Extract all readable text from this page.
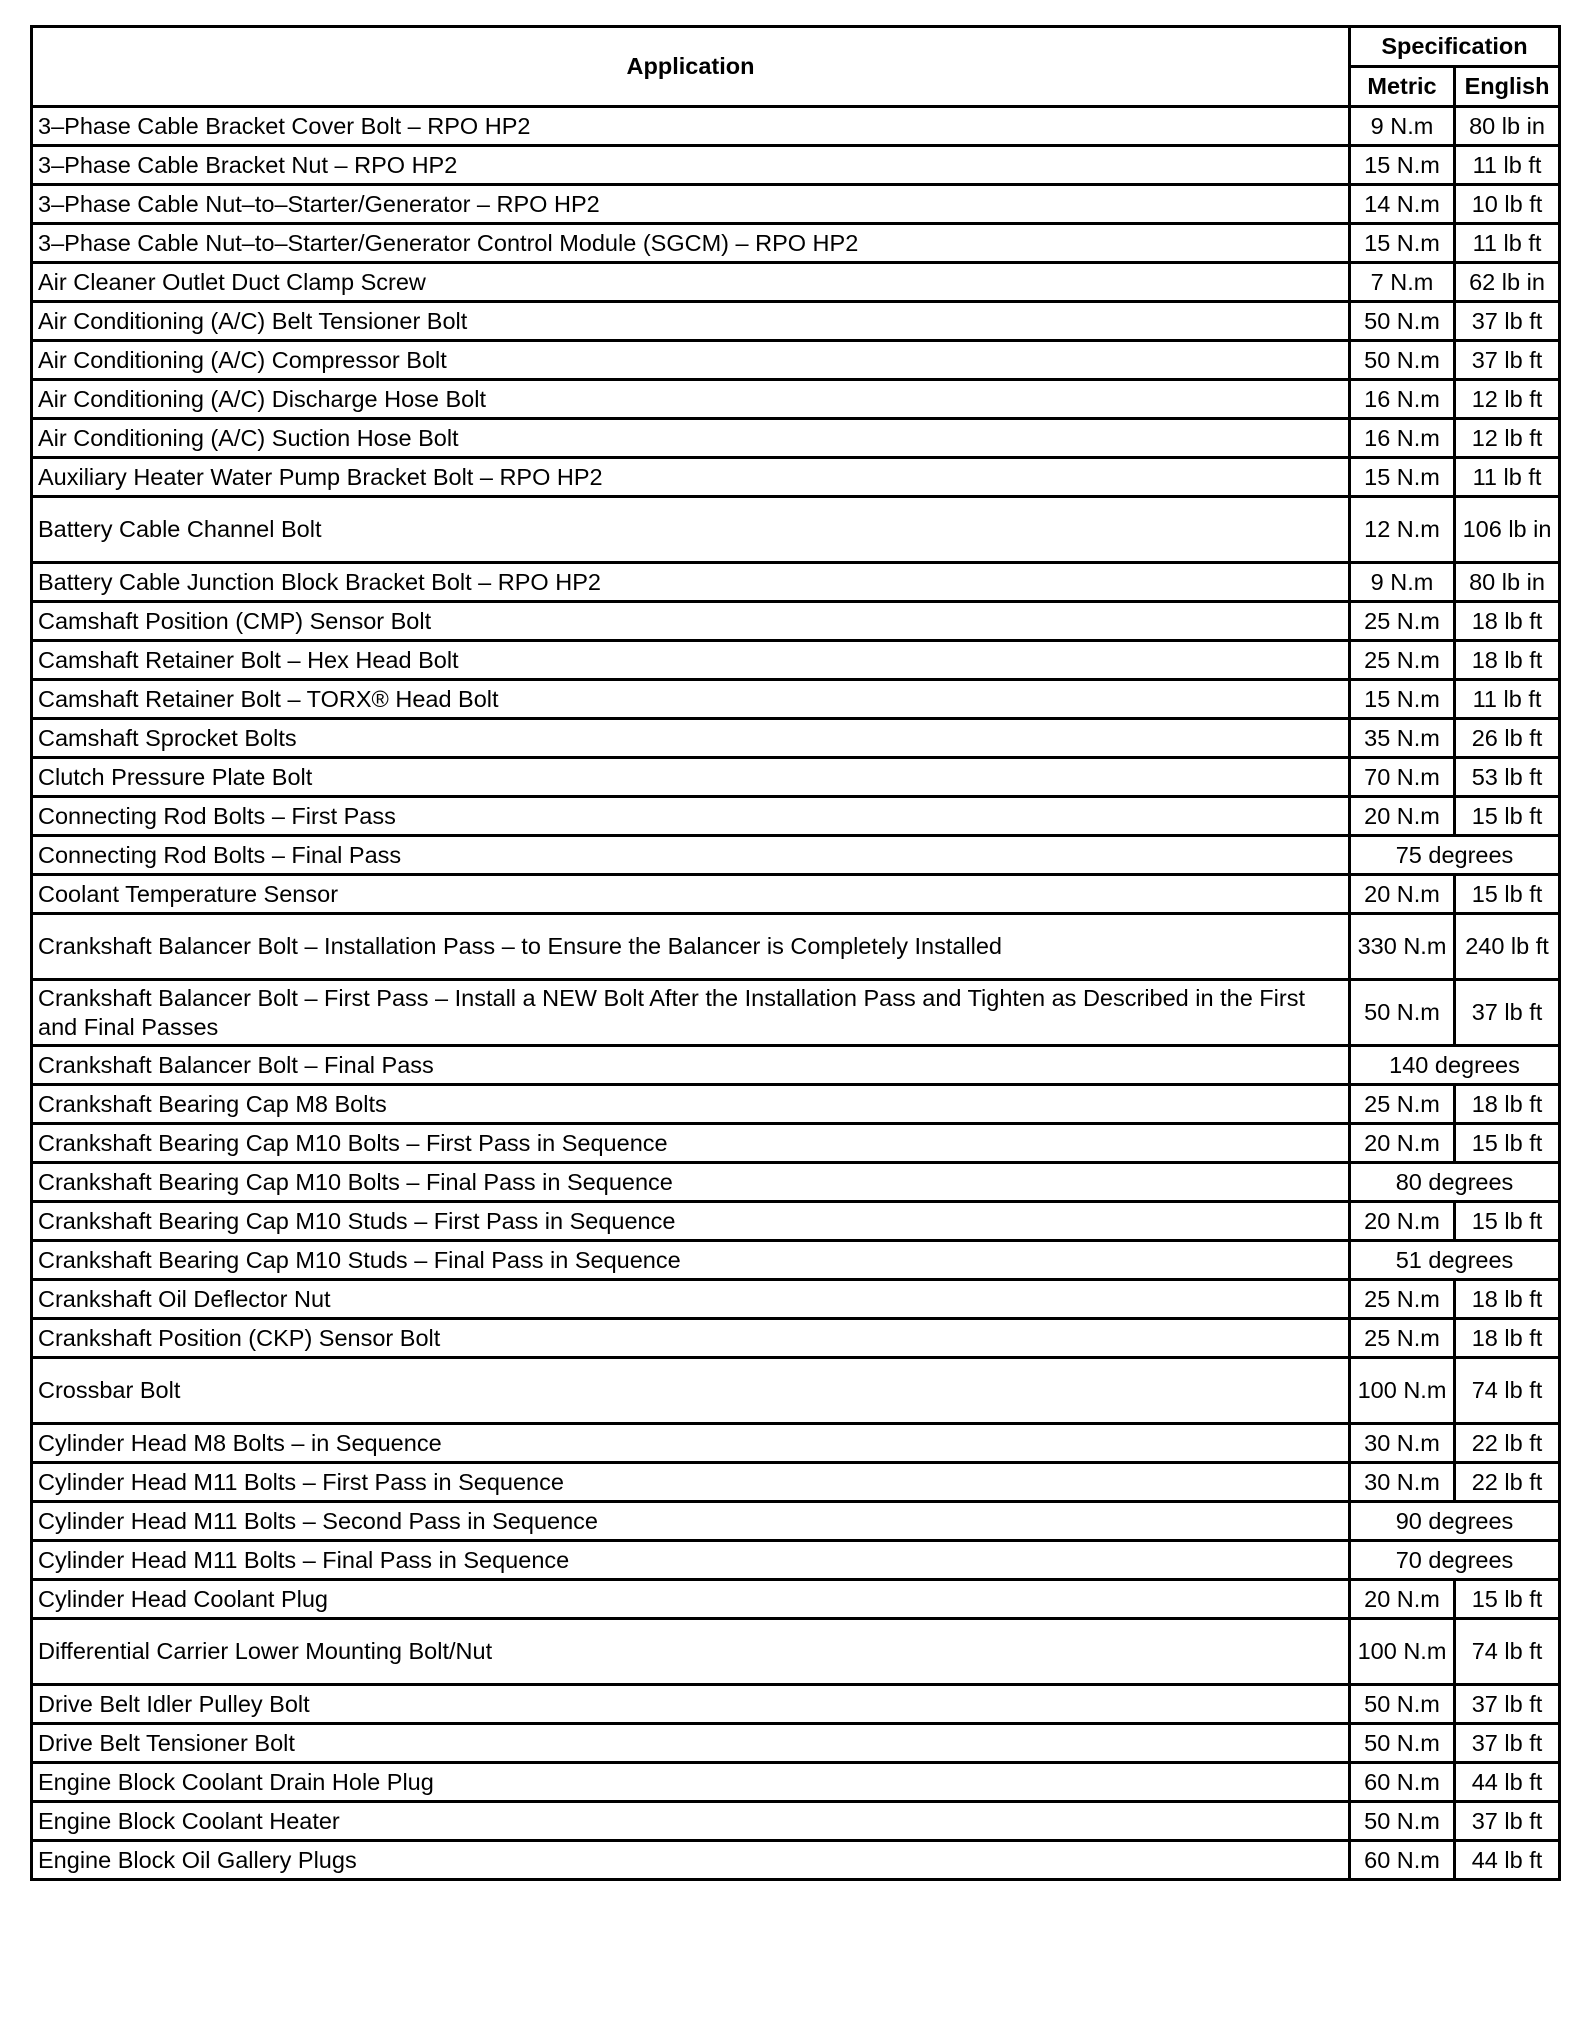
Application	Specification	
	Metric	English
3–Phase Cable Bracket Cover Bolt – RPO HP2	9 N.m	80 lb in
3–Phase Cable Bracket Nut – RPO HP2	15 N.m	11 lb ft
3–Phase Cable Nut–to–Starter/Generator – RPO HP2	14 N.m	10 lb ft
3–Phase Cable Nut–to–Starter/Generator Control Module (SGCM) – RPO HP2	15 N.m	11 lb ft
Air Cleaner Outlet Duct Clamp Screw	7 N.m	62 lb in
Air Conditioning (A/C) Belt Tensioner Bolt	50 N.m	37 lb ft
Air Conditioning (A/C) Compressor Bolt	50 N.m	37 lb ft
Air Conditioning (A/C) Discharge Hose Bolt	16 N.m	12 lb ft
Air Conditioning (A/C) Suction Hose Bolt	16 N.m	12 lb ft
Auxiliary Heater Water Pump Bracket Bolt – RPO HP2	15 N.m	11 lb ft
Battery Cable Channel Bolt	12 N.m	106 lb in
Battery Cable Junction Block Bracket Bolt – RPO HP2	9 N.m	80 lb in
Camshaft Position (CMP) Sensor Bolt	25 N.m	18 lb ft
Camshaft Retainer Bolt – Hex Head Bolt	25 N.m	18 lb ft
Camshaft Retainer Bolt – TORX® Head Bolt	15 N.m	11 lb ft
Camshaft Sprocket Bolts	35 N.m	26 lb ft
Clutch Pressure Plate Bolt	70 N.m	53 lb ft
Connecting Rod Bolts – First Pass	20 N.m	15 lb ft
Connecting Rod Bolts – Final Pass	75 degrees	
Coolant Temperature Sensor	20 N.m	15 lb ft
Crankshaft Balancer Bolt – Installation Pass – to Ensure the Balancer is Completely Installed	330 N.m	240 lb ft
Crankshaft Balancer Bolt – First Pass – Install a NEW Bolt After the Installation Pass and Tighten as Described in the First and Final Passes	50 N.m	37 lb ft
Crankshaft Balancer Bolt – Final Pass	140 degrees	
Crankshaft Bearing Cap M8 Bolts	25 N.m	18 lb ft
Crankshaft Bearing Cap M10 Bolts – First Pass in Sequence	20 N.m	15 lb ft
Crankshaft Bearing Cap M10 Bolts – Final Pass in Sequence	80 degrees	
Crankshaft Bearing Cap M10 Studs – First Pass in Sequence	20 N.m	15 lb ft
Crankshaft Bearing Cap M10 Studs – Final Pass in Sequence	51 degrees	
Crankshaft Oil Deflector Nut	25 N.m	18 lb ft
Crankshaft Position (CKP) Sensor Bolt	25 N.m	18 lb ft
Crossbar Bolt	100 N.m	74 lb ft
Cylinder Head M8 Bolts – in Sequence	30 N.m	22 lb ft
Cylinder Head M11 Bolts – First Pass in Sequence	30 N.m	22 lb ft
Cylinder Head M11 Bolts – Second Pass in Sequence	90 degrees	
Cylinder Head M11 Bolts – Final Pass in Sequence	70 degrees	
Cylinder Head Coolant Plug	20 N.m	15 lb ft
Differential Carrier Lower Mounting Bolt/Nut	100 N.m	74 lb ft
Drive Belt Idler Pulley Bolt	50 N.m	37 lb ft
Drive Belt Tensioner Bolt	50 N.m	37 lb ft
Engine Block Coolant Drain Hole Plug	60 N.m	44 lb ft
Engine Block Coolant Heater	50 N.m	37 lb ft
Engine Block Oil Gallery Plugs	60 N.m	44 lb ft
